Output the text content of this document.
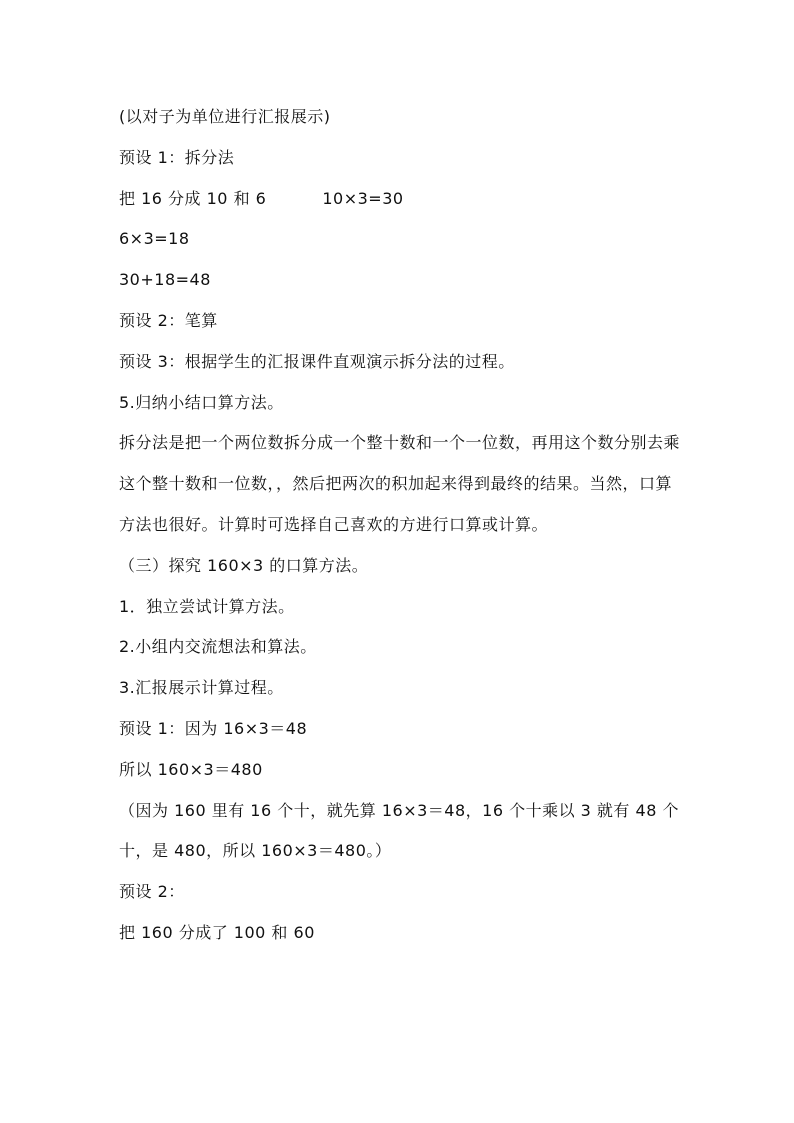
(以对子为单位进行汇报展示)
预设 1：拆分法
把 16 分成 10 和 6	10×3=30
6×3=18
30+18=48
预设 2：笔算
预设 3：根据学生的汇报课件直观演示拆分法的过程。
5.归纳小结口算方法。
拆分法是把一个两位数拆分成一个整十数和一个一位数，再用这个数分别去乘这个整十数和一位数，，然后把两次的积加起来得到最终的结果。当然，口算方法也很好。计算时可选择自己喜欢的方进行口算或计算。
（三）探究 160×3 的口算方法。
1．独立尝试计算方法。
2.小组内交流想法和算法。
3.汇报展示计算过程。
预设 1：因为 16×3＝48
所以 160×3＝480
（因为 160 里有 16 个十，就先算 16×3＝48，16 个十乘以 3 就有 48 个十，是 480，所以 160×3＝480。）
预设 2：
把 160 分成了 100 和 60
